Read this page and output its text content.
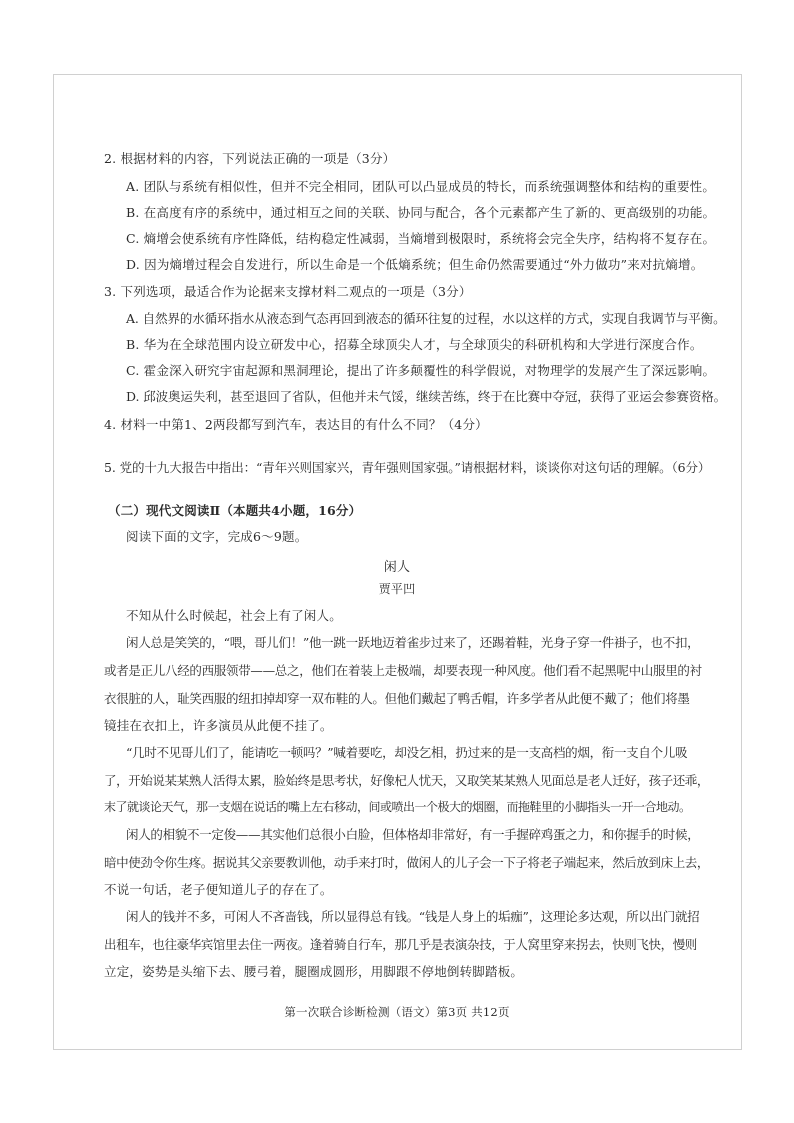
2. 根据材料的内容，下列说法正确的一项是（3分）
A. 团队与系统有相似性，但并不完全相同，团队可以凸显成员的特长，而系统强调整体和结构的重要性。
B. 在高度有序的系统中，通过相互之间的关联、协同与配合，各个元素都产生了新的、更高级别的功能。
C. 熵增会使系统有序性降低，结构稳定性减弱，当熵增到极限时，系统将会完全失序，结构将不复存在。
D. 因为熵增过程会自发进行，所以生命是一个低熵系统；但生命仍然需要通过“外力做功”来对抗熵增。
3. 下列选项，最适合作为论据来支撑材料二观点的一项是（3分）
A. 自然界的水循环指水从液态到气态再回到液态的循环往复的过程，水以这样的方式，实现自我调节与平衡。
B. 华为在全球范围内设立研发中心，招募全球顶尖人才，与全球顶尖的科研机构和大学进行深度合作。
C. 霍金深入研究宇宙起源和黑洞理论，提出了许多颠覆性的科学假说，对物理学的发展产生了深远影响。
D. 邱波奥运失利，甚至退回了省队，但他并未气馁，继续苦练，终于在比赛中夺冠，获得了亚运会参赛资格。
4. 材料一中第1、2两段都写到汽车，表达目的有什么不同？（4分）
5. 党的十九大报告中指出：“青年兴则国家兴，青年强则国家强。”请根据材料，谈谈你对这句话的理解。（6分）
（二）现代文阅读Ⅱ（本题共4小题，16分）
阅读下面的文字，完成6～9题。
闲人
贾平凹
不知从什么时候起，社会上有了闲人。
闲人总是笑笑的，“喂，哥儿们！”他一跳一跃地迈着雀步过来了，还踢着鞋，光身子穿一件褂子，也不扣，
或者是正儿八经的西服领带——总之，他们在着装上走极端，却要表现一种风度。他们看不起黑呢中山服里的衬
衣很脏的人，耻笑西服的纽扣掉却穿一双布鞋的人。但他们戴起了鸭舌帽，许多学者从此便不戴了；他们将墨
镜挂在衣扣上，许多演员从此便不挂了。
“几时不见哥儿们了，能请吃一顿吗？”喊着要吃，却没乞相，扔过来的是一支高档的烟，衔一支自个儿吸
了，开始说某某熟人活得太累，脸始终是思考状，好像杞人忧天，又取笑某某熟人见面总是老人迁好，孩子还乖，
末了就谈论天气，那一支烟在说话的嘴上左右移动，间或喷出一个极大的烟圈，而拖鞋里的小脚指头一开一合地动。
闲人的相貌不一定俊——其实他们总很小白脸，但体格却非常好，有一手握碎鸡蛋之力，和你握手的时候，
暗中使劲令你生疼。据说其父亲要教训他，动手来打时，做闲人的儿子会一下子将老子端起来，然后放到床上去，
不说一句话，老子便知道儿子的存在了。
闲人的钱并不多，可闲人不吝啬钱，所以显得总有钱。“钱是人身上的垢痂”，这理论多达观，所以出门就招
出租车，也往豪华宾馆里去住一两夜。逢着骑自行车，那几乎是表演杂技，于人窝里穿来拐去，快则飞快，慢则
立定，姿势是头缩下去、腰弓着，腿圈成圆形，用脚跟不停地倒转脚踏板。
第一次联合诊断检测（语文）第3页 共12页
